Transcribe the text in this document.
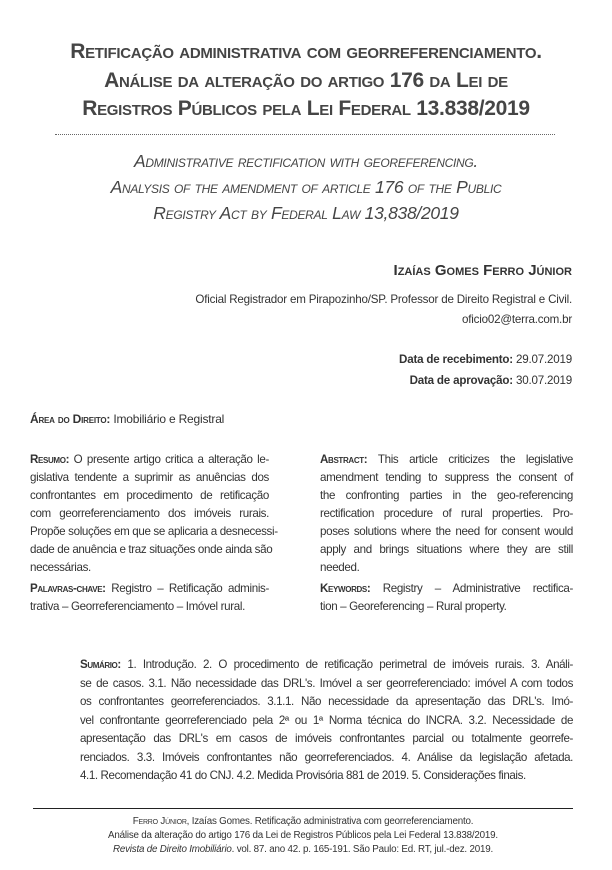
Retificação administrativa com georreferenciamento.
Análise da alteração do artigo 176 da Lei de
Registros Públicos pela Lei Federal 13.838/2019
Administrative rectification with georeferencing.
Analysis of the amendment of article 176 of the Public
Registry Act by Federal Law 13,838/2019
Izaías Gomes Ferro Júnior
Oficial Registrador em Pirapozinho/SP. Professor de Direito Registral e Civil.
oficio02@terra.com.br
Data de recebimento: 29.07.2019
Data de aprovação: 30.07.2019
Área do Direito: Imobiliário e Registral
Resumo: O presente artigo critica a alteração le-
gislativa tendente a suprimir as anuências dos
confrontantes em procedimento de retificação
com georreferenciamento dos imóveis rurais.
Propõe soluções em que se aplicaria a desnecessi-
dade de anuência e traz situações onde ainda são
necessárias.
Palavras-chave: Registro – Retificação adminis-
trativa – Georreferenciamento – Imóvel rural.
Abstract: This article criticizes the legislative
amendment tending to suppress the consent of
the confronting parties in the geo-referencing
rectification procedure of rural properties. Pro-
poses solutions where the need for consent would
apply and brings situations where they are still
needed.
Keywords: Registry – Administrative rectifica-
tion – Georeferencing – Rural property.
Sumário: 1. Introdução. 2. O procedimento de retificação perimetral de imóveis rurais. 3. Análi-
se de casos. 3.1. Não necessidade das DRL's. Imóvel a ser georreferenciado: imóvel A com todos
os confrontantes georreferenciados. 3.1.1. Não necessidade da apresentação das DRL's. Imó-
vel confrontante georreferenciado pela 2ª ou 1ª Norma técnica do INCRA. 3.2. Necessidade de
apresentação das DRL's em casos de imóveis confrontantes parcial ou totalmente georrefe-
renciados. 3.3. Imóveis confrontantes não georreferenciados. 4. Análise da legislação afetada.
4.1. Recomendação 41 do CNJ. 4.2. Medida Provisória 881 de 2019. 5. Considerações finais.
Ferro Júnior, Izaías Gomes. Retificação administrativa com georreferenciamento.
Análise da alteração do artigo 176 da Lei de Registros Públicos pela Lei Federal 13.838/2019.
Revista de Direito Imobiliário. vol. 87. ano 42. p. 165-191. São Paulo: Ed. RT, jul.-dez. 2019.
